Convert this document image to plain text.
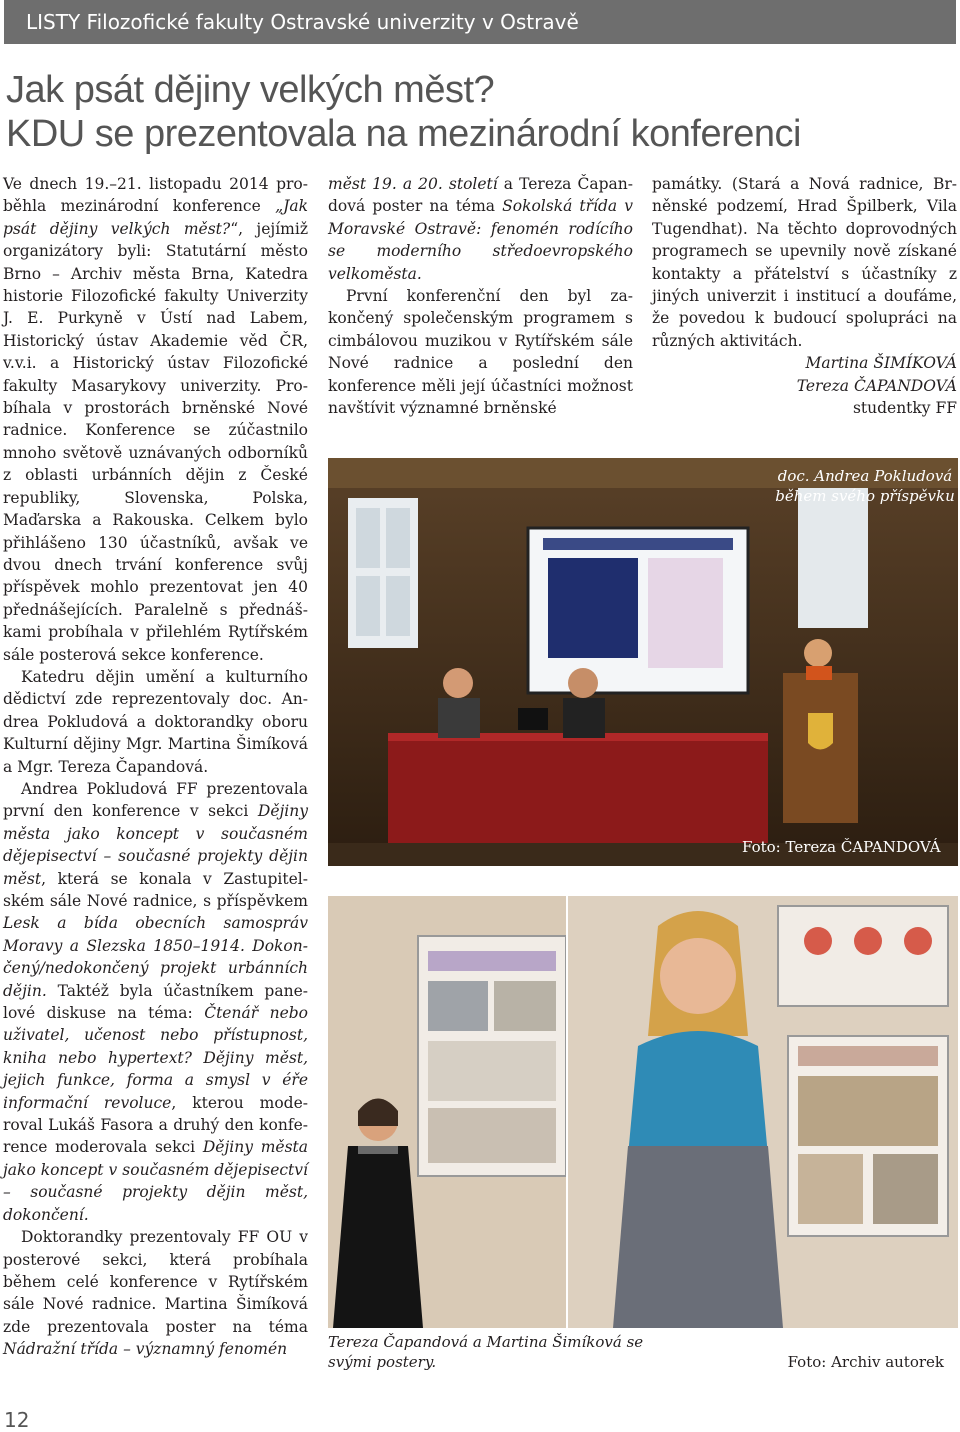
LISTY Filozofické fakulty Ostravské univerzity v Ostravě
Jak psát dějiny velkých měst?
KDU se prezentovala na mezinárodní konferenci

Ve dnech 19.–21. listopadu 2014 proběhla mezinárodní konference „Jak psát dějiny velkých měst?“, jejímiž organizátory byli: Statutární město Brno – Archiv města Brna, Katedra historie Filozofické fakulty Univerzity J. E. Purkyně v Ústí nad Labem, Historický ústav Akademie věd ČR, v.v.i. a Historický ústav Filozofické fakulty Masarykovy univerzity. Probíhala v prostorách brněnské Nové radnice. Konference se zúčastnilo mnoho světově uznávaných odborníků z oblasti urbánních dějin z České republiky, Slovenska, Polska, Maďarska a Rakouska. Celkem bylo přihlášeno 130 účastníků, avšak ve dvou dnech trvání konference svůj příspěvek mohlo prezentovat jen 40 přednášejících. Paralelně s přednáškami probíhala v přilehlém Rytířském sále posterová sekce konference.

Katedru dějin umění a kulturního dědictví zde reprezentovaly doc. Andrea Pokludová a doktorandky oboru Kulturní dějiny Mgr. Martina Šimíková a Mgr. Tereza Čapandová.

Andrea Pokludová FF prezentovala první den konference v sekci Dějiny města jako koncept v současném dějepisectví – současné projekty dějin měst, která se konala v Zastupitelském sále Nové radnice, s příspěvkem Lesk a bída obecních samospráv Moravy a Slezska 1850–1914. Dokončený/nedokončený projekt urbánních dějin. Taktéž byla účastníkem panelové diskuse na téma: Čtenář nebo uživatel, učenost nebo přístupnost, kniha nebo hypertext? Dějiny měst, jejich funkce, forma a smysl v éře informační revoluce, kterou moderoval Lukáš Fasora a druhý den konference moderovala sekci Dějiny města jako koncept v současném dějepisectví – současné projekty dějin měst, dokončení.

Doktorandky prezentovaly FF OU v posterové sekci, která probíhala během celé konference v Rytířském sále Nové radnice. Martina Šimíková zde prezentovala poster na téma Nádražní třída – významný fenomén

měst 19. a 20. století a Tereza Čapandová poster na téma Sokolská třída v Moravské Ostravě: fenomén rodícího se moderního středoevropského velkoměsta.

První konferenční den byl zakončený společenským programem s cimbálovou muzikou v Rytířském sále Nové radnice a poslední den konference měli její účastníci možnost navštívit významné brněnské

památky. (Stará a Nová radnice, Brněnské podzemí, Hrad Špilberk, Vila Tugendhat). Na těchto doprovodných programech se upevnily nově získané kontakty a přátelství s účastníky z jiných univerzit i institucí a doufáme, že povedou k budoucí spolupráci na různých aktivitách.

Martina ŠIMÍKOVÁ
Tereza ČAPANDOVÁ
studentky FF
doc. Andrea Pokludová
během svého příspěvku
Foto: Tereza ČAPANDOVÁ
Tereza Čapandová a Martina Šimíková se svými postery.	Foto: Archiv autorek
12
